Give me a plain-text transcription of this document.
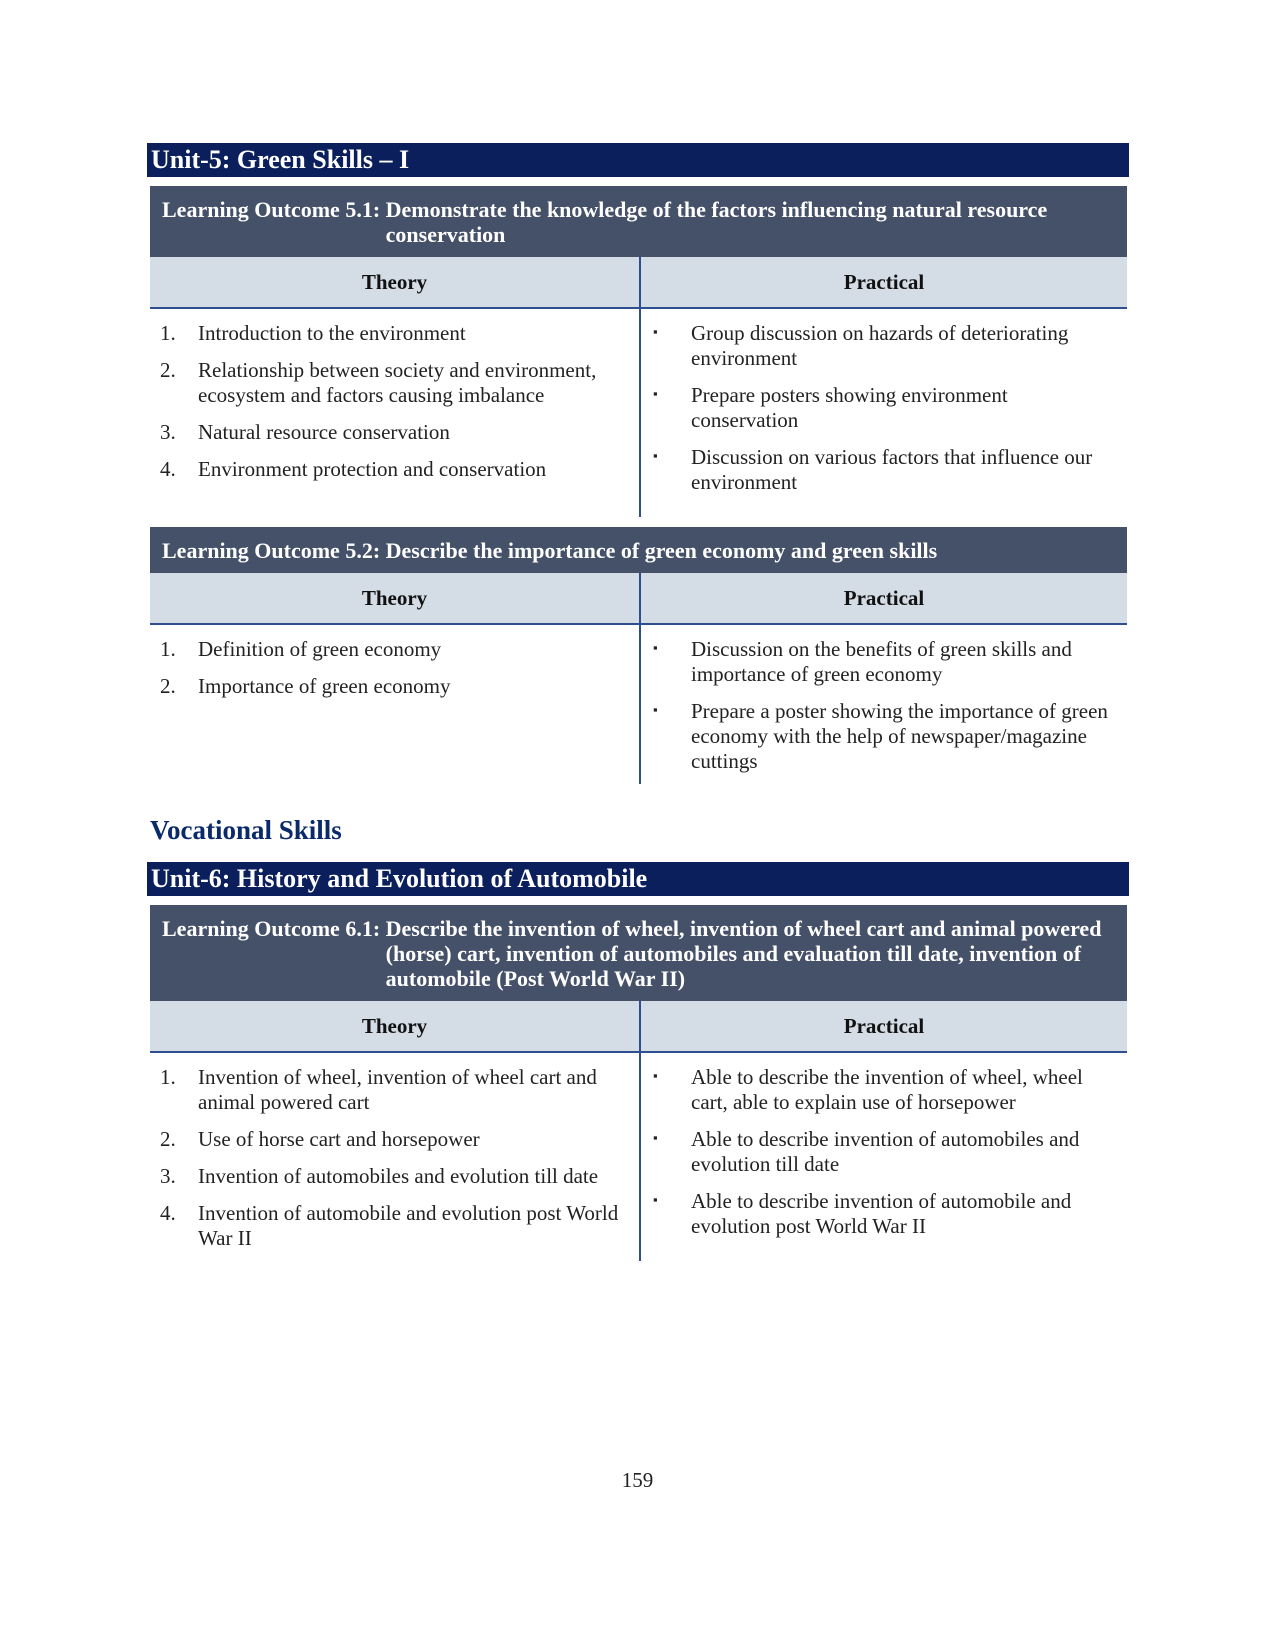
Unit-5: Green Skills – I
Learning Outcome 5.1:
Demonstrate the knowledge of the factors influencing natural resource conservation
Theory	Practical
1.	Introduction to the environment
2.	Relationship between society and environment, ecosystem and factors causing imbalance
3.	Natural resource conservation
4.	Environment protection and conservation
▪	Group discussion on hazards of deteriorating environment
▪	Prepare posters showing environment conservation
▪	Discussion on various factors that influence our environment
Learning Outcome 5.2: Describe the importance of green economy and green skills
Theory	Practical
1.	Definition of green economy
2.	Importance of green economy
▪	Discussion on the benefits of green skills and importance of green economy
▪	Prepare a poster showing the importance of green economy with the help of newspaper/magazine cuttings
Vocational Skills
Unit-6: History and Evolution of Automobile
Learning Outcome 6.1:
Describe the invention of wheel, invention of wheel cart and animal powered (horse) cart, invention of automobiles and evaluation till date, invention of automobile (Post World War II)
Theory	Practical
1.	Invention of wheel, invention of wheel cart and animal powered cart
2.	Use of horse cart and horsepower
3.	Invention of automobiles and evolution till date
4.	Invention of automobile and evolution post World War II
▪	Able to describe the invention of wheel, wheel cart, able to explain use of horsepower
▪	Able to describe invention of automobiles and evolution till date
▪	Able to describe invention of automobile and evolution post World War II
159
